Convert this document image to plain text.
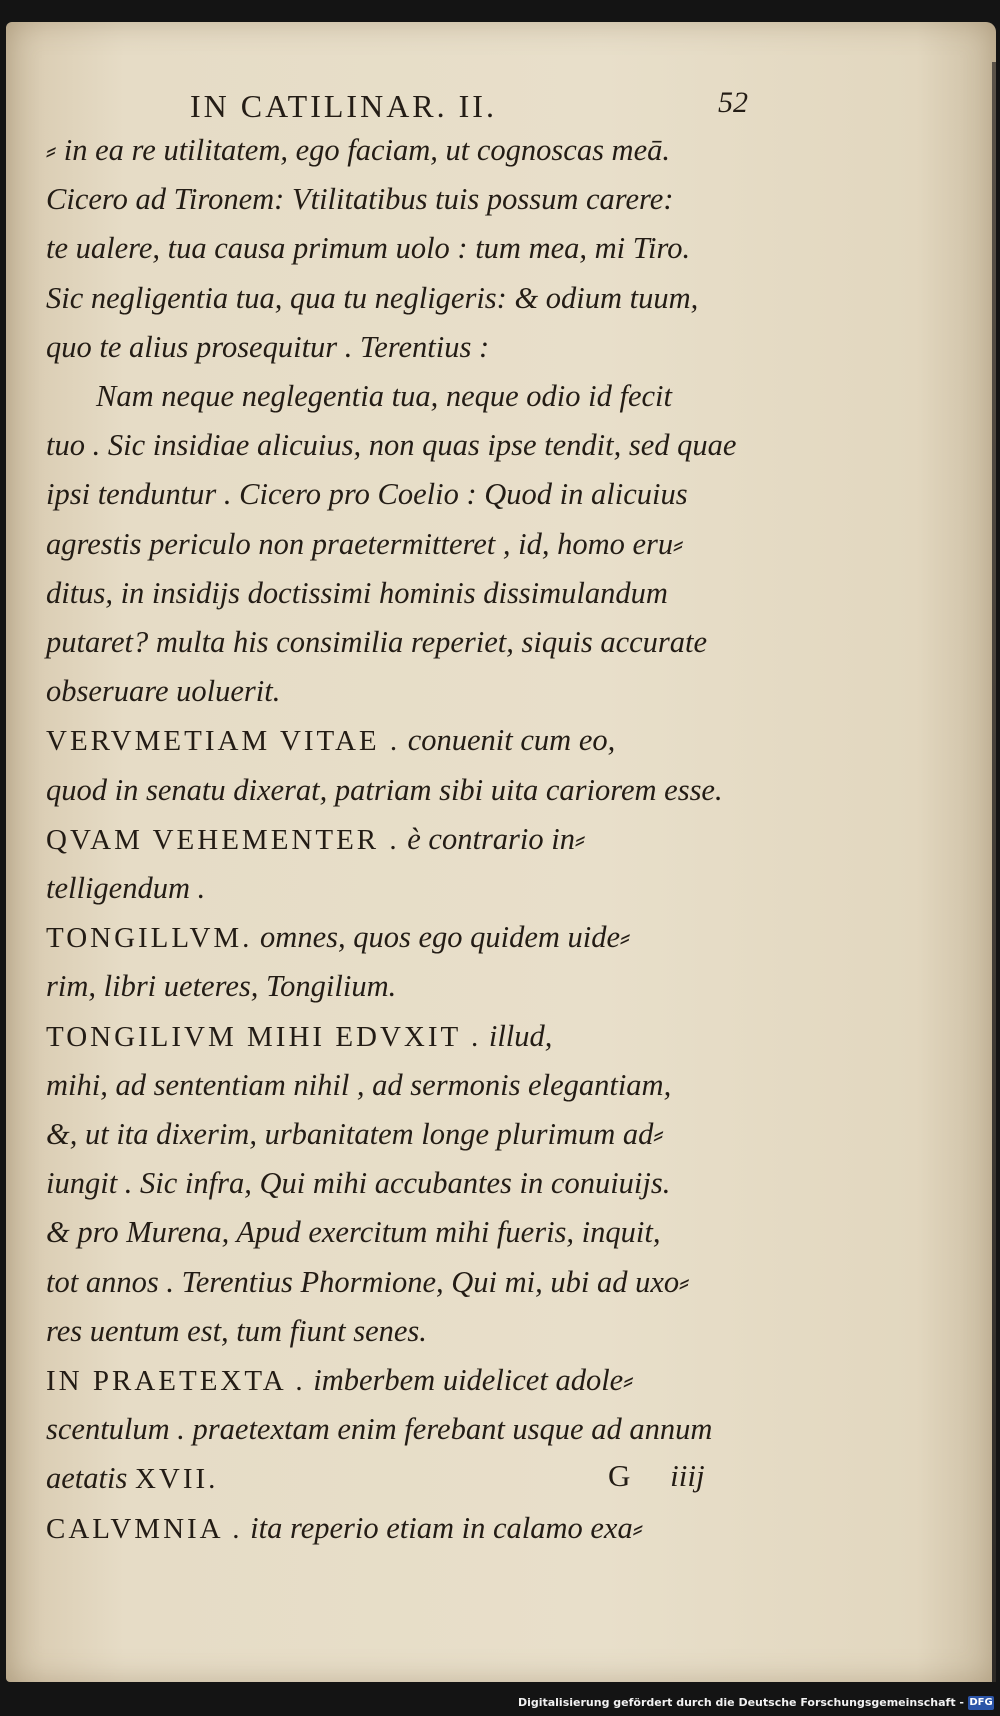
IN CATILINAR. II.	52
⸗ in ea re utilitatem, ego faciam, ut cognoscas meā.
Cicero ad Tironem: Vtilitatibus tuis possum carere:
te ualere, tua causa primum uolo : tum mea, mi Tiro.
Sic negligentia tua, qua tu negligeris: & odium tuum,
quo te alius prosequitur . Terentius :
Nam neque neglegentia tua, neque odio id fecit
tuo . Sic insidiae alicuius, non quas ipse tendit, sed quae
ipsi tenduntur . Cicero pro Coelio : Quod in alicuius
agrestis periculo non praetermitteret , id, homo eru⸗
ditus, in insidijs doctissimi hominis dissimulandum
putaret? multa his consimilia reperiet, siquis accurate
obseruare uoluerit.
VERVMETIAM VITAE . conuenit cum eo,
quod in senatu dixerat, patriam sibi uita cariorem esse.
QVAM VEHEMENTER . è contrario in⸗
telligendum .
TONGILLVM. omnes, quos ego quidem uide⸗
rim, libri ueteres, Tongilium.
TONGILIVM MIHI EDVXIT . illud,
mihi, ad sententiam nihil , ad sermonis elegantiam,
&, ut ita dixerim, urbanitatem longe plurimum ad⸗
iungit . Sic infra, Qui mihi accubantes in conuiuijs.
& pro Murena, Apud exercitum mihi fueris, inquit,
tot annos . Terentius Phormione, Qui mi, ubi ad uxo⸗
res uentum est, tum fiunt senes.
IN PRAETEXTA . imberbem uidelicet adole⸗
scentulum . praetextam enim ferebant usque ad annum
aetatis XVII.
CALVMNIA . ita reperio etiam in calamo exa⸗
G iiij
Digitalisierung gefördert durch die Deutsche Forschungsgemeinschaft - DFG
